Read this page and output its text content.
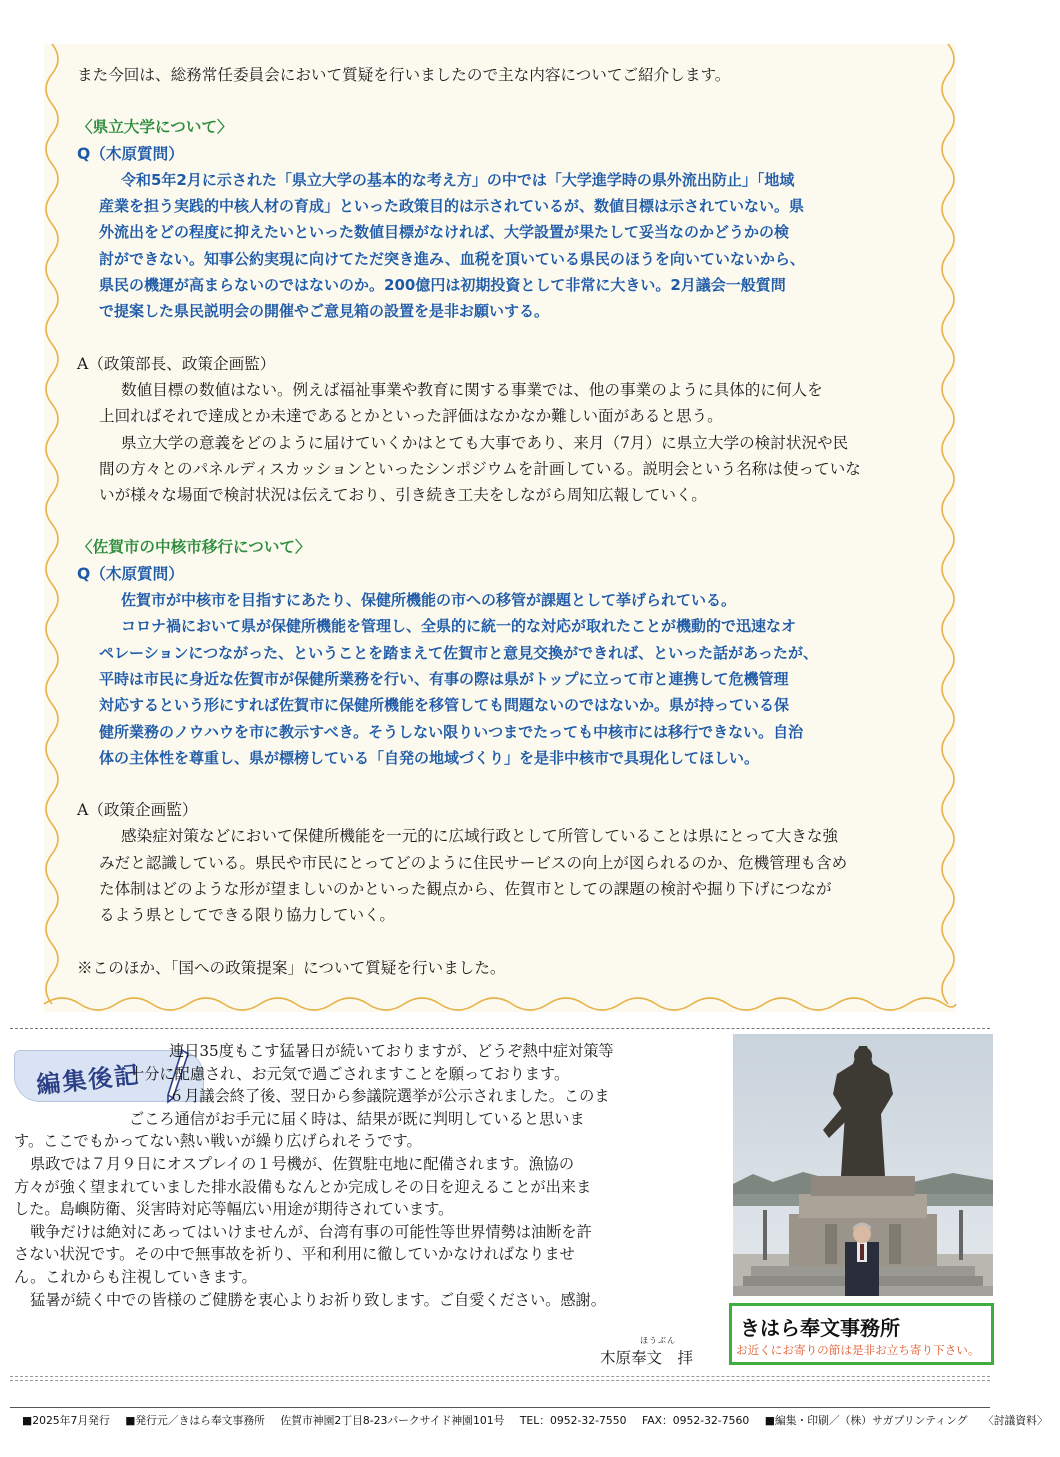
また今回は、総務常任委員会において質疑を行いましたので主な内容についてご紹介します。
〈県立大学について〉
Q（木原質問）
令和5年2月に示された「県立大学の基本的な考え方」の中では「大学進学時の県外流出防止」「地域
産業を担う実践的中核人材の育成」といった政策目的は示されているが、数値目標は示されていない。県
外流出をどの程度に抑えたいといった数値目標がなければ、大学設置が果たして妥当なのかどうかの検
討ができない。知事公約実現に向けてただ突き進み、血税を頂いている県民のほうを向いていないから、
県民の機運が高まらないのではないのか。200億円は初期投資として非常に大きい。2月議会一般質問
で提案した県民説明会の開催やご意見箱の設置を是非お願いする。
A（政策部長、政策企画監）
数値目標の数値はない。例えば福祉事業や教育に関する事業では、他の事業のように具体的に何人を
上回ればそれで達成とか未達であるとかといった評価はなかなか難しい面があると思う。
県立大学の意義をどのように届けていくかはとても大事であり、来月（7月）に県立大学の検討状況や民
間の方々とのパネルディスカッションといったシンポジウムを計画している。説明会という名称は使っていな
いが様々な場面で検討状況は伝えており、引き続き工夫をしながら周知広報していく。
〈佐賀市の中核市移行について〉
Q（木原質問）
佐賀市が中核市を目指すにあたり、保健所機能の市への移管が課題として挙げられている。
コロナ禍において県が保健所機能を管理し、全県的に統一的な対応が取れたことが機動的で迅速なオ
ペレーションにつながった、ということを踏まえて佐賀市と意見交換ができれば、といった話があったが、
平時は市民に身近な佐賀市が保健所業務を行い、有事の際は県がトップに立って市と連携して危機管理
対応するという形にすれば佐賀市に保健所機能を移管しても問題ないのではないか。県が持っている保
健所業務のノウハウを市に教示すべき。そうしない限りいつまでたっても中核市には移行できない。自治
体の主体性を尊重し、県が標榜している「自発の地域づくり」を是非中核市で具現化してほしい。
A（政策企画監）
感染症対策などにおいて保健所機能を一元的に広域行政として所管していることは県にとって大きな強
みだと認識している。県民や市民にとってどのように住民サービスの向上が図られるのか、危機管理も含め
た体制はどのような形が望ましいのかといった観点から、佐賀市としての課題の検討や掘り下げにつなが
るよう県としてできる限り協力していく。
※このほか、「国への政策提案」について質疑を行いました。
編集後記
連日35度もこす猛暑日が続いておりますが、どうぞ熱中症対策等
十分に配慮され、お元気で過ごされますことを願っております。
６月議会終了後、翌日から参議院選挙が公示されました。このま
ごころ通信がお手元に届く時は、結果が既に判明していると思いま
す。ここでもかってない熱い戦いが繰り広げられそうです。
県政では７月９日にオスプレイの１号機が、佐賀駐屯地に配備されます。漁協の
方々が強く望まれていました排水設備もなんとか完成しその日を迎えることが出来ま
した。島嶼防衛、災害時対応等幅広い用途が期待されています。
戦争だけは絶対にあってはいけませんが、台湾有事の可能性等世界情勢は油断を許
さない状況です。その中で無事故を祈り、平和利用に徹していかなければなりませ
ん。これからも注視していきます。
猛暑が続く中での皆様のご健勝を衷心よりお祈り致します。ご自愛ください。感謝。
ほうぶん
木原奉文　拝
きはら奉文事務所
お近くにお寄りの節は是非お立ち寄り下さい。
■2025年7月発行 ■発行元／きはら奉文事務所 佐賀市神園2丁目8-23パークサイド神園101号 TEL：0952-32-7550 FAX：0952-32-7560 ■編集・印刷／（株）サガプリンティング 〈討議資料〉
